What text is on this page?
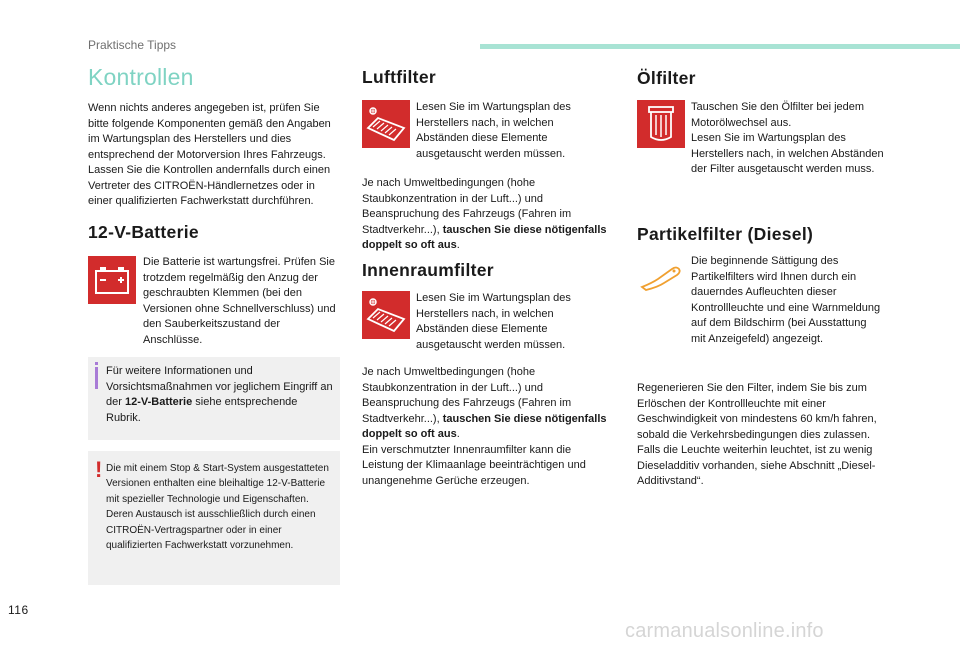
Praktische Tipps
Kontrollen

Wenn nichts anderes angegeben ist, prüfen Sie bitte folgende Komponenten gemäß den Angaben im Wartungsplan des Herstellers und dies entsprechend der Motorversion Ihres Fahrzeugs. Lassen Sie die Kontrollen andernfalls durch einen Vertreter des CITROËN-Händlernetzes oder in einer qualifizierten Fachwerkstatt durchführen.

12-V-Batterie

Die Batterie ist wartungsfrei. Prüfen Sie trotzdem regelmäßig den Anzug der geschraubten Klemmen (bei den Versionen ohne Schnellverschluss) und den Sauberkeitszustand der Anschlüsse.

Für weitere Informationen und Vorsichtsmaßnahmen vor jeglichem Eingriff an der 12-V-Batterie siehe entsprechende Rubrik.

! Die mit einem Stop & Start-System ausgestatteten Versionen enthalten eine bleihaltige 12-V-Batterie mit spezieller Technologie und Eigenschaften.
Deren Austausch ist ausschließlich durch einen CITROËN-Vertragspartner oder in einer qualifizierten Fachwerkstatt vorzunehmen.

Luftfilter

Lesen Sie im Wartungsplan des Herstellers nach, in welchen Abständen diese Elemente ausgetauscht werden müssen.

Je nach Umweltbedingungen (hohe Staubkonzentration in der Luft...) und Beanspruchung des Fahrzeugs (Fahren im Stadtverkehr...), tauschen Sie diese nötigenfalls doppelt so oft aus.

Innenraumfilter

Lesen Sie im Wartungsplan des Herstellers nach, in welchen Abständen diese Elemente ausgetauscht werden müssen.

Je nach Umweltbedingungen (hohe Staubkonzentration in der Luft...) und Beanspruchung des Fahrzeugs (Fahren im Stadtverkehr...), tauschen Sie diese nötigenfalls doppelt so oft aus.
Ein verschmutzter Innenraumfilter kann die Leistung der Klimaanlage beeinträchtigen und unangenehme Gerüche erzeugen.

Ölfilter

Tauschen Sie den Ölfilter bei jedem Motorölwechsel aus.
Lesen Sie im Wartungsplan des Herstellers nach, in welchen Abständen der Filter ausgetauscht werden muss.

Partikelfilter (Diesel)

Die beginnende Sättigung des Partikelfilters wird Ihnen durch ein dauerndes Aufleuchten dieser Kontrollleuchte und eine Warnmeldung auf dem Bildschirm (bei Ausstattung mit Anzeigefeld) angezeigt.

Regenerieren Sie den Filter, indem Sie bis zum Erlöschen der Kontrollleuchte mit einer Geschwindigkeit von mindestens 60 km/h fahren, sobald die Verkehrsbedingungen dies zulassen.
Falls die Leuchte weiterhin leuchtet, ist zu wenig Dieseladditiv vorhanden, siehe Abschnitt „Diesel-Additivstand“.

116
carmanualsonline.info
